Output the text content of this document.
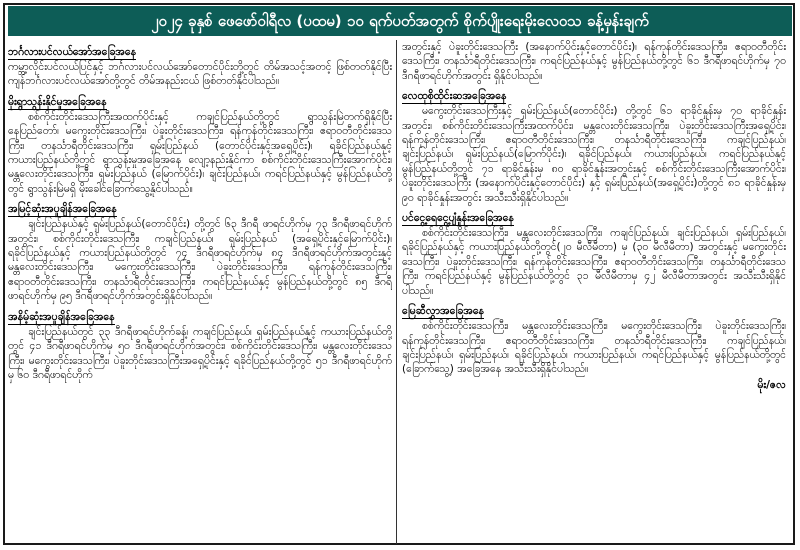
၂၀၂၄ ခုနှစ် ဖေဖော်ဝါရီလ (ပထမ) ၁၀ ရက်ပတ်အတွက် စိုက်ပျိုးရေးမိုးလေဝသ ခန့်မှန်းချက်
ဘင်္ဂလားပင်လယ်အော်အခြေအနေ

ကမ္ဘာ့လိုင်းပင်လယ်ပြင်နှင့် ဘင်္ဂလားပင်လယ်အော်တောင်ပိုင်းတို့တွင် တိမ်အသင့်အတင့် ဖြစ်တတ်နိုင်ပြီး ကျန်ဘင်္ဂလားပင်လယ်အော်တို့တွင် တိမ်အနည်းငယ် ဖြစ်တတ်နိုင်ပါသည်။

မိုးရွာသွန်းနိုင်မှုအခြေအနေ

စစ်ကိုင်းတိုင်းဒေသကြီးအထက်ပိုင်းနှင့် ကချင်ပြည်နယ်တို့တွင် ရွာသွန်းမြဲတက်ရှိနိုင်ပြီး နေပြည်တော်၊ မကွေးတိုင်းဒေသကြီး၊ ပဲခူးတိုင်းဒေသကြီး၊ ရန်ကုန်တိုင်းဒေသကြီး၊ ဧရာဝတီတိုင်းဒေသကြီး၊ တနင်္သာရီတိုင်းဒေသကြီး၊ ရှမ်းပြည်နယ် (တောင်ပိုင်းနှင့်အရှေ့ပိုင်း)၊ ရခိုင်ပြည်နယ်နှင့် ကယားပြည်နယ်တို့တွင် ရွာသွန်းမှုအခြေအနေ လျော့နည်းနိုင်ကာ စစ်ကိုင်းတိုင်းဒေသကြီးအောက်ပိုင်း၊ မန္တလေးတိုင်းဒေသကြီး၊ ရှမ်းပြည်နယ် (မြောက်ပိုင်း)၊ ချင်းပြည်နယ်၊ ကရင်ပြည်နယ်နှင့် မွန်ပြည်နယ်တို့တွင် ရွာသွန်းမြဲမရှိ မိုးခေါင်ခြောက်သွေ့နိုင်ပါသည်။

အမြင့်ဆုံးအပူချိန်အခြေအနေ

ချင်းပြည်နယ်နှင့် ရှမ်းပြည်နယ်(တောင်ပိုင်း) တို့တွင် ၆၃ ဒီဂရီ ဖာရင်ဟိုက်မှ ၇၃ ဒီဂရီဖာရင်ဟိုက်အတွင်း၊ စစ်ကိုင်းတိုင်းဒေသကြီး၊ ကချင်ပြည်နယ်၊ ရှမ်းပြည်နယ် (အရှေ့ပိုင်းနှင့်မြောက်ပိုင်း)၊ ရခိုင်ပြည်နယ်နှင့် ကယားပြည်နယ်တို့တွင် ၇၄ ဒီဂရီဖာရင်ဟိုက်မှ ၈၄ ဒီဂရီဖာရင်ဟိုက်အတွင်းနှင့် မန္တလေးတိုင်းဒေသကြီး၊ မကွေးတိုင်းဒေသကြီး၊ ပဲခူးတိုင်းဒေသကြီး၊ ရန်ကုန်တိုင်းဒေသကြီး၊ ဧရာဝတီတိုင်းဒေသကြီး၊ တနင်္သာရီတိုင်းဒေသကြီး၊ ကရင်ပြည်နယ်နှင့် မွန်ပြည်နယ်တို့တွင် ၈၅ ဒီဂရီဖာရင်ဟိုက်မှ ၉၅ ဒီဂရီဖာရင်ဟိုက်အတွင်းရှိနိုင်ပါသည်။

အနိမ့်ဆုံးအပူချိန်အခြေအနေ

ချင်းပြည်နယ်တွင် ၃၃ ဒီဂရီဖာရင်ဟိုက်ခန့်၊ ကချင်ပြည်နယ်၊ ရှမ်းပြည်နယ်နှင့် ကယားပြည်နယ်တို့တွင် ၄၁ ဒီဂရီဖာရင်ဟိုက်မှ ၅၀ ဒီဂရီဖာရင်ဟိုက်အတွင်း၊ စစ်ကိုင်းတိုင်းဒေသကြီး၊ မန္တလေးတိုင်းဒေသကြီး၊ မကွေးတိုင်းဒေသကြီး၊ ပဲခူးတိုင်းဒေသကြီးအရှေ့ပိုင်းနှင့် ရခိုင်ပြည်နယ်တို့တွင် ၅၁ ဒီဂရီဖာရင်ဟိုက်မှ ၆၀ ဒီဂရီဖာရင်ဟိုက်

အတွင်းနှင့် ပဲခူးတိုင်းဒေသကြီး (အနောက်ပိုင်းနှင့်တောင်ပိုင်း)၊ ရန်ကုန်တိုင်းဒေသကြီး၊ ဧရာဝတီတိုင်းဒေသကြီး၊ တနင်္သာရီတိုင်းဒေသကြီး၊ ကရင်ပြည်နယ်နှင့် မွန်ပြည်နယ်တို့တွင် ၆၁ ဒီဂရီဖာရင်ဟိုက်မှ ၇၀ ဒီဂရီဖာရင်ဟိုက်အတွင်း ရှိနိုင်ပါသည်။

လေထုစိုထိုင်းဆအခြေအနေ

မကွေးတိုင်းဒေသကြီးနှင့် ရှမ်းပြည်နယ်(တောင်ပိုင်း) တို့တွင် ၆၁ ရာခိုင်နှုန်းမှ ၇၀ ရာခိုင်နှုန်းအတွင်း၊ စစ်ကိုင်းတိုင်းဒေသကြီးအထက်ပိုင်း၊ မန္တလေးတိုင်းဒေသကြီး၊ ပဲခူးတိုင်းဒေသကြီးအရှေ့ပိုင်း၊ ရန်ကုန်တိုင်းဒေသကြီး၊ ဧရာဝတီတိုင်းဒေသကြီး၊ တနင်္သာရီတိုင်းဒေသကြီး၊ ကချင်ပြည်နယ်၊ ချင်းပြည်နယ်၊ ရှမ်းပြည်နယ်(မြောက်ပိုင်း)၊ ရခိုင်ပြည်နယ်၊ ကယားပြည်နယ်၊ ကရင်ပြည်နယ်နှင့် မွန်ပြည်နယ်တို့တွင် ၇၁ ရာခိုင်နှုန်းမှ ၈၀ ရာခိုင်နှုန်းအတွင်းနှင့် စစ်ကိုင်းတိုင်းဒေသကြီးအောက်ပိုင်း၊ ပဲခူးတိုင်းဒေသကြီး (အနောက်ပိုင်းနှင့်တောင်ပိုင်း) နှင့် ရှမ်းပြည်နယ်(အရှေ့ပိုင်း)တို့တွင် ၈၁ ရာခိုင်နှုန်းမှ ၉၀ ရာခိုင်နှုန်းအတွင်း အသီးသီးရှိနိုင်ပါသည်။

ပင်ငွေ့ရေငွေ့ပျံနှုန်းအခြေအနေ

စစ်ကိုင်းတိုင်းဒေသကြီး၊ မန္တလေးတိုင်းဒေသကြီး၊ ကချင်ပြည်နယ်၊ ချင်းပြည်နယ်၊ ရှမ်းပြည်နယ်၊ ရခိုင်ပြည်နယ်နှင့် ကယားပြည်နယ်တို့တွင်(၂၀ မီလီမီတာ) မှ (၃၀ မီလီမီတာ) အတွင်းနှင့် မကွေးတိုင်းဒေသကြီး၊ ပဲခူးတိုင်းဒေသကြီး၊ ရန်ကုန်တိုင်းဒေသကြီး၊ ဧရာဝတီတိုင်းဒေသကြီး၊ တနင်္သာရီတိုင်းဒေသကြီး၊ ကရင်ပြည်နယ်နှင့် မွန်ပြည်နယ်တို့တွင် ၃၁ မီလီမီတာမှ ၄၂ မီလီမီတာအတွင်း အသီးသီးရှိနိုင်ပါသည်။

မြေဆီလွှာအခြေအနေ

စစ်ကိုင်းတိုင်းဒေသကြီး၊ မန္တလေးတိုင်းဒေသကြီး၊ မကွေးတိုင်းဒေသကြီး၊ ပဲခူးတိုင်းဒေသကြီး၊ ရန်ကုန်တိုင်းဒေသကြီး၊ ဧရာဝတီတိုင်းဒေသကြီး၊ တနင်္သာရီတိုင်းဒေသကြီး၊ ကချင်ပြည်နယ်၊ ချင်းပြည်နယ်၊ ရှမ်းပြည်နယ်၊ ရခိုင်ပြည်နယ်၊ ကယားပြည်နယ်၊ ကရင်ပြည်နယ်နှင့် မွန်ပြည်နယ်တို့တွင် (ခြောက်သွေ့) အခြေအနေ အသီးသီးရှိနိုင်ပါသည်။

မိုး/ဇလ
